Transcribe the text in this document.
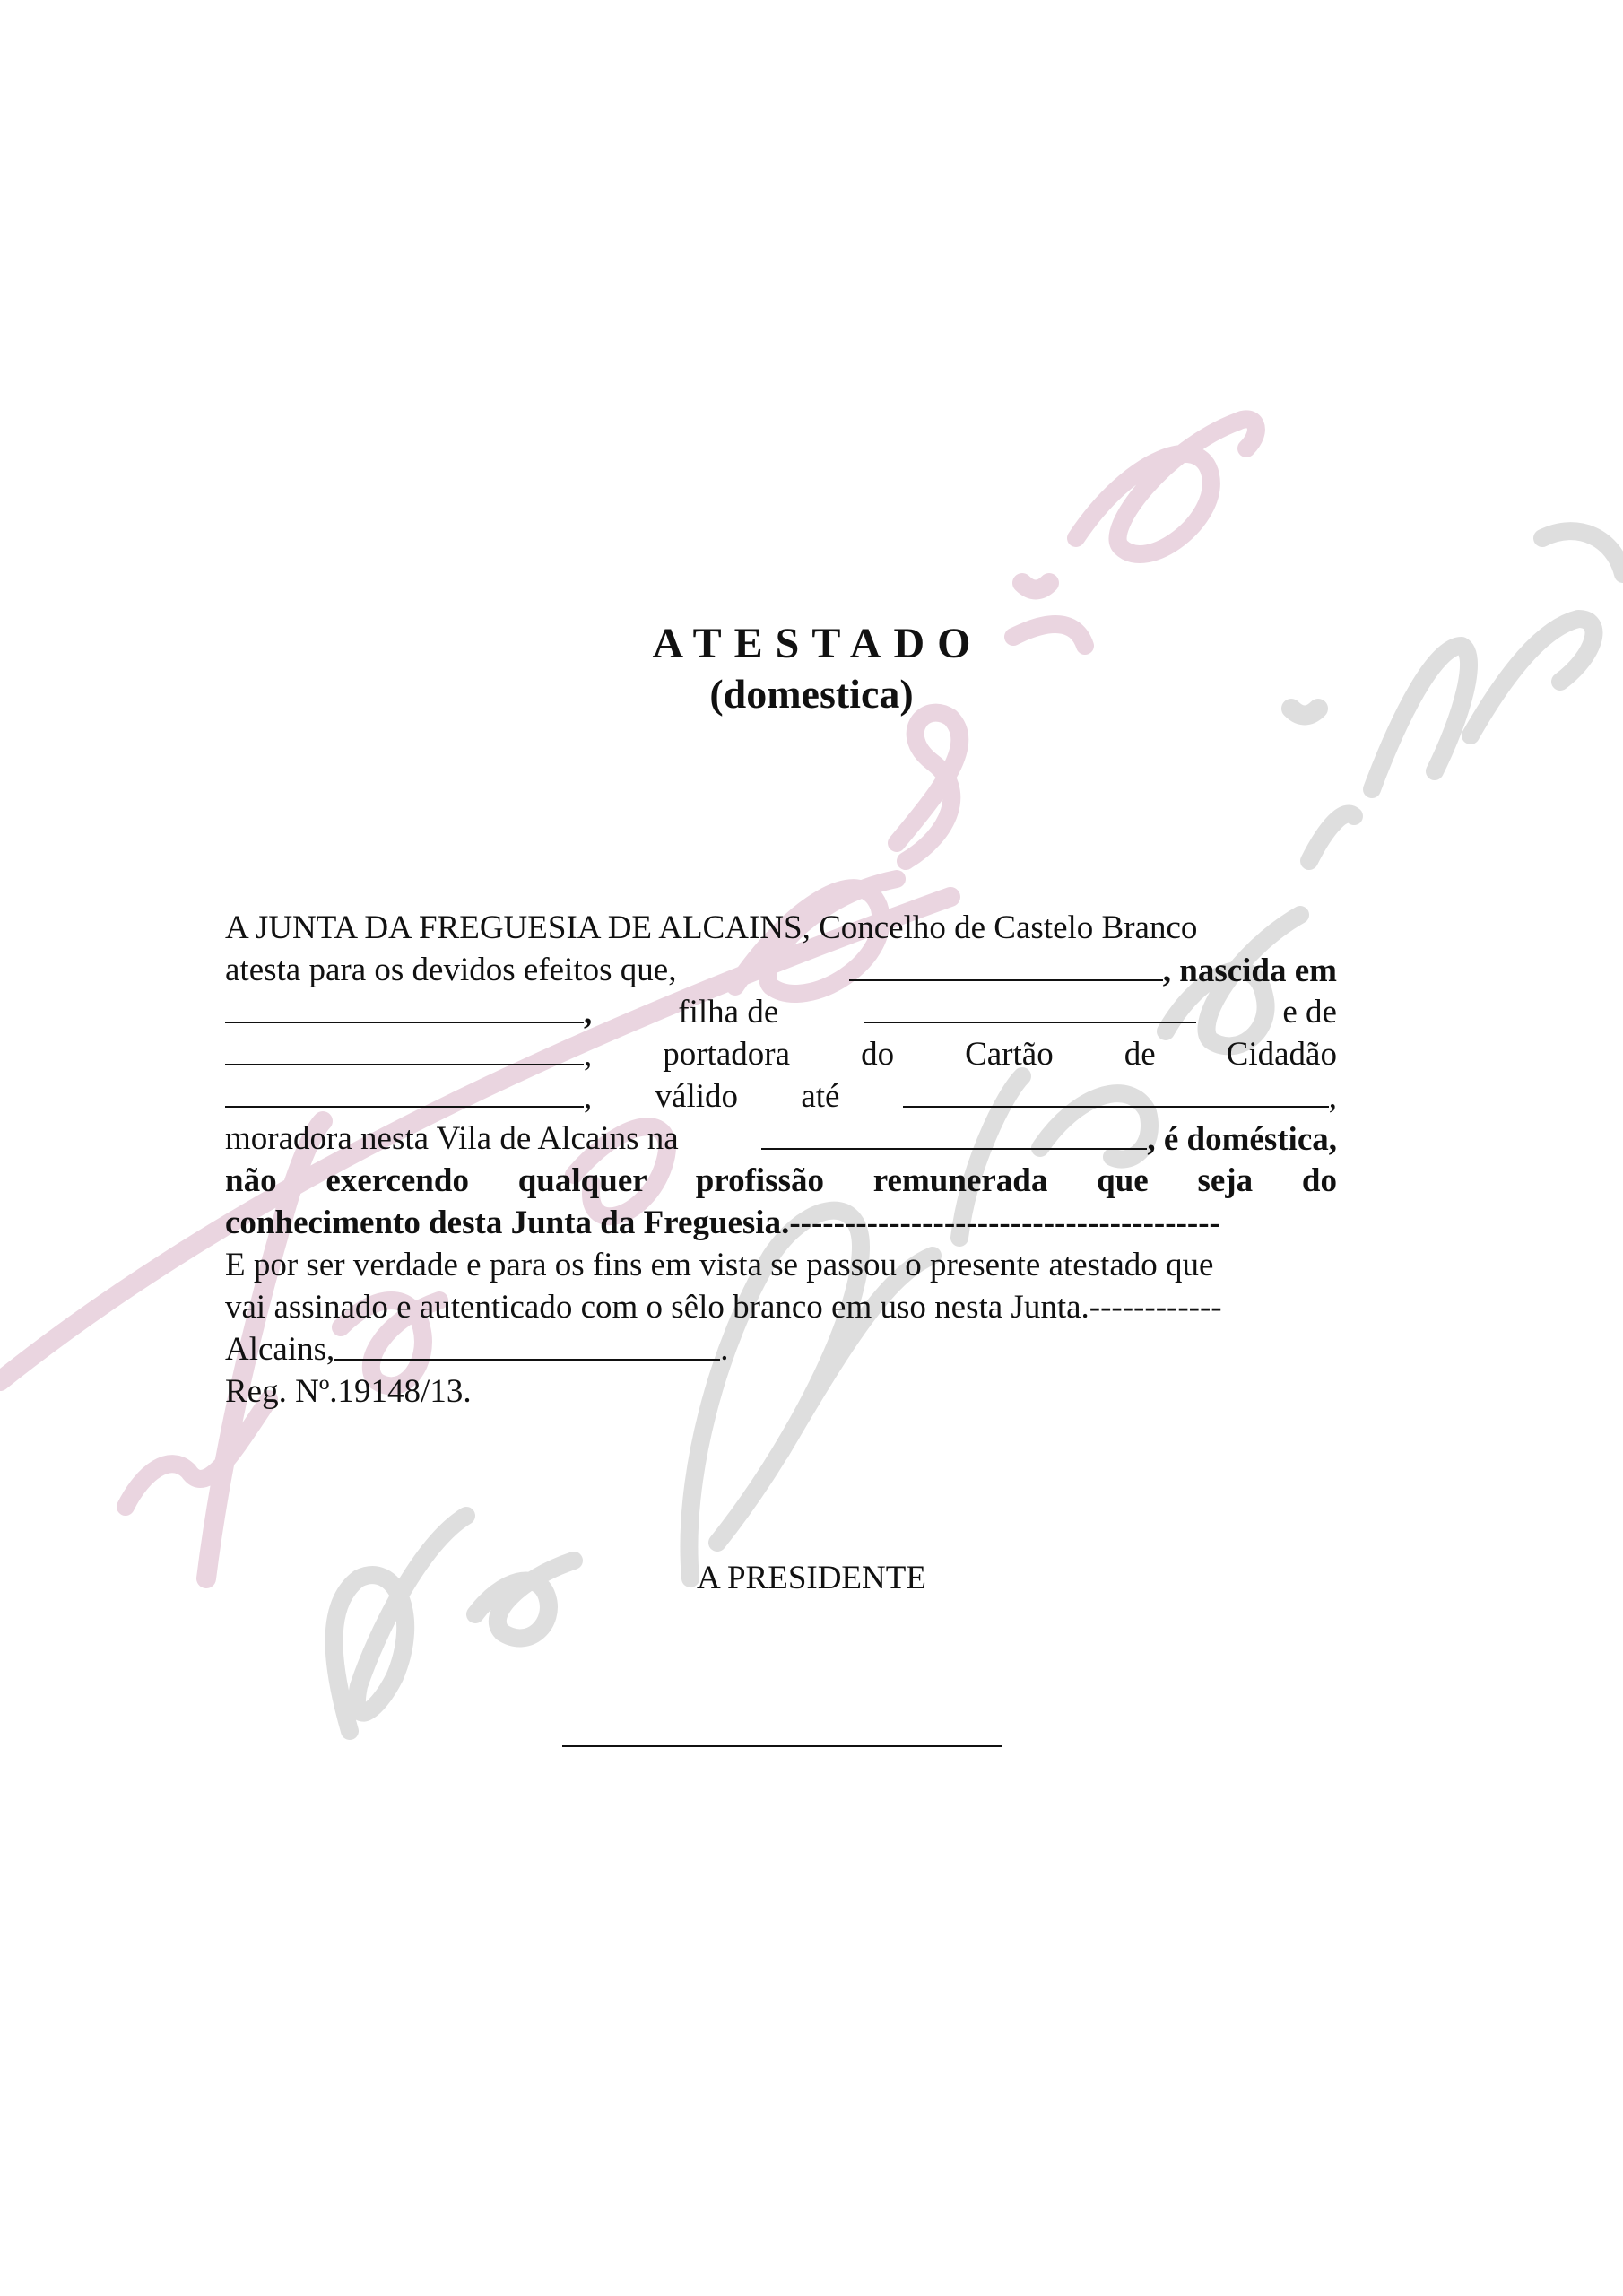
ATESTADO
(domestica)
A JUNTA DA FREGUESIA DE ALCAINS, Concelho de Castelo Branco
atesta para os devidos efeitos que,	, nascida em
,	filha de	e de
, portadora do Cartão de Cidadão
, válido até	,
moradora nesta Vila de Alcains na	, é doméstica,
não exercendo qualquer profissão remunerada que seja do
conhecimento desta Junta da Freguesia.---------------------------------------
E por ser verdade e para os fins em vista se passou o presente atestado que
vai assinado e autenticado com o sêlo branco em uso nesta Junta.------------
Alcains,	.
Reg. Nº.19148/13.
A PRESIDENTE
